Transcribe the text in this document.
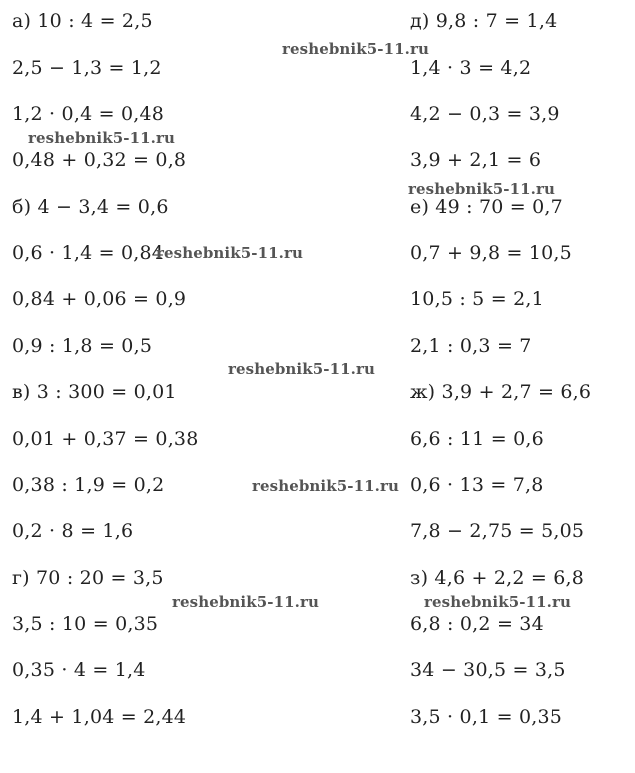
а) 10 : 4 = 2,5
2,5 − 1,3 = 1,2
1,2 · 0,4 = 0,48
0,48 + 0,32 = 0,8
б) 4 − 3,4 = 0,6
0,6 · 1,4 = 0,84
0,84 + 0,06 = 0,9
0,9 : 1,8 = 0,5
в) 3 : 300 = 0,01
0,01 + 0,37 = 0,38
0,38 : 1,9 = 0,2
0,2 · 8 = 1,6
г) 70 : 20 = 3,5
3,5 : 10 = 0,35
0,35 · 4 = 1,4
1,4 + 1,04 = 2,44
д) 9,8 : 7 = 1,4
1,4 · 3 = 4,2
4,2 − 0,3 = 3,9
3,9 + 2,1 = 6
е) 49 : 70 = 0,7
0,7 + 9,8 = 10,5
10,5 : 5 = 2,1
2,1 : 0,3 = 7
ж) 3,9 + 2,7 = 6,6
6,6 : 11 = 0,6
0,6 · 13 = 7,8
7,8 − 2,75 = 5,05
з) 4,6 + 2,2 = 6,8
6,8 : 0,2 = 34
34 − 30,5 = 3,5
3,5 · 0,1 = 0,35
reshebnik5-11.ru
reshebnik5-11.ru
reshebnik5-11.ru
reshebnik5-11.ru
reshebnik5-11.ru
reshebnik5-11.ru
reshebnik5-11.ru	reshebnik5-11.ru
